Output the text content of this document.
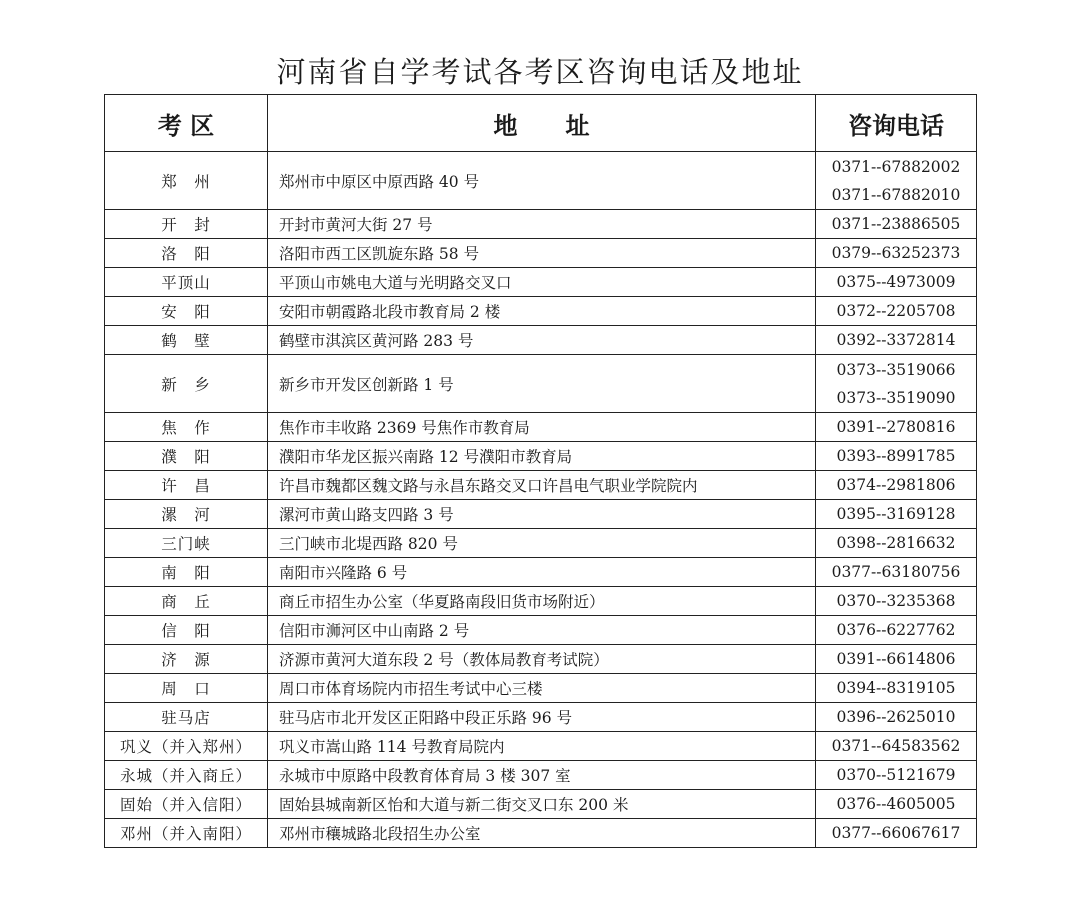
河南省自学考试各考区咨询电话及地址
考 区	地　　址	咨询电话
郑　州	郑州市中原区中原西路 40 号	0371--67882002
0371--67882010

开　封	开封市黄河大街 27 号	0371--23886505

洛　阳	洛阳市西工区凯旋东路 58 号	0379--63252373

平顶山	平顶山市姚电大道与光明路交叉口	0375--4973009

安　阳	安阳市朝霞路北段市教育局 2 楼	0372--2205708

鹤　壁	鹤壁市淇滨区黄河路 283 号	0392--3372814

新　乡	新乡市开发区创新路 1 号	0373--3519066
0373--3519090

焦　作	焦作市丰收路 2369 号焦作市教育局	0391--2780816

濮　阳	濮阳市华龙区振兴南路 12 号濮阳市教育局	0393--8991785

许　昌	许昌市魏都区魏文路与永昌东路交叉口许昌电气职业学院院内	0374--2981806

漯　河	漯河市黄山路支四路 3 号	0395--3169128

三门峡	三门峡市北堤西路 820 号	0398--2816632

南　阳	南阳市兴隆路 6 号	0377--63180756

商　丘	商丘市招生办公室（华夏路南段旧货市场附近）	0370--3235368

信　阳	信阳市浉河区中山南路 2 号	0376--6227762

济　源	济源市黄河大道东段 2 号（教体局教育考试院）	0391--6614806

周　口	周口市体育场院内市招生考试中心三楼	0394--8319105

驻马店	驻马店市北开发区正阳路中段正乐路 96 号	0396--2625010

巩义（并入郑州）	巩义市嵩山路 114 号教育局院内	0371--64583562

永城（并入商丘）	永城市中原路中段教育体育局 3 楼 307 室	0370--5121679

固始（并入信阳）	固始县城南新区怡和大道与新二街交叉口东 200 米	0376--4605005

邓州（并入南阳）	邓州市穰城路北段招生办公室	0377--66067617
